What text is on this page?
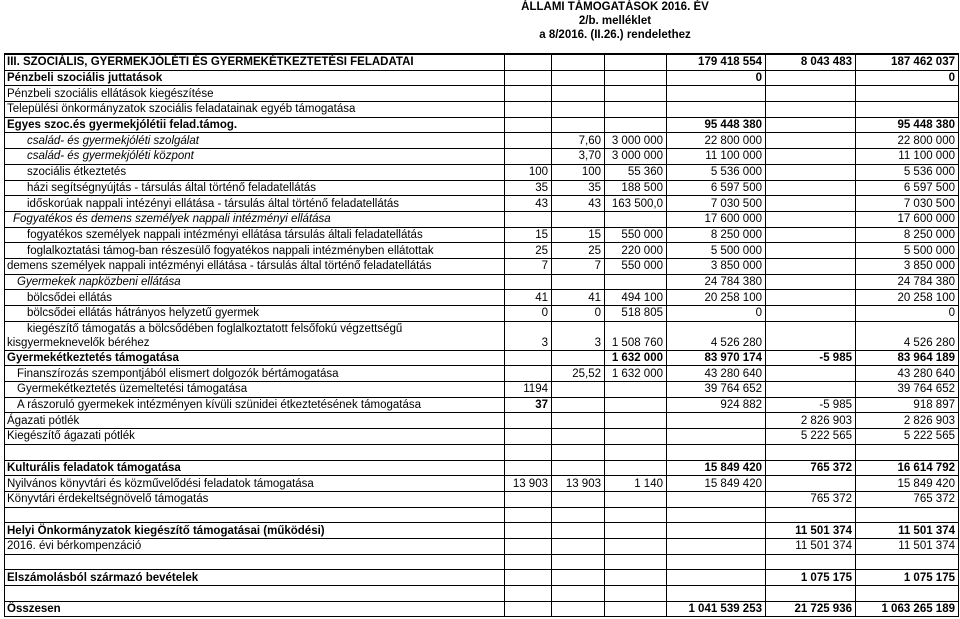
ÁLLAMI TÁMOGATÁSOK 2016. ÉV
2/b. melléklet
a 8/2016. (II.26.) rendelethez
III. SZOCIÁLIS, GYERMEKJÓLÉTI ÉS GYERMEKÉTKEZTETÉSI FELADATAI				179 418 554	8 043 483	187 462 037
Pénzbeli szociális juttatások				0		0
Pénzbeli szociális ellátások kiegészítése						
Települési önkormányzatok szociális feladatainak egyéb támogatása						
Egyes szoc.és gyermekjólétii felad.támog.				95 448 380		95 448 380
család- és gyermekjóléti szolgálat		7,60	3 000 000	22 800 000		22 800 000
család- és gyermekjóléti központ		3,70	3 000 000	11 100 000		11 100 000
szociális étkeztetés	100	100	55 360	5 536 000		5 536 000
házi segítségnyújtás - társulás által történő feladatellátás	35	35	188 500	6 597 500		6 597 500
időskorúak nappali intézényi ellátása - társulás által történő feladatellátás	43	43	163 500,0	7 030 500		7 030 500
Fogyatékos és demens személyek nappali intézményi ellátása				17 600 000		17 600 000
fogyatékos személyek nappali intézményi ellátása társulás általi feladatellátás	15	15	550 000	8 250 000		8 250 000
foglalkoztatási támog-ban részesülő fogyatékos nappali intézményben ellátottak	25	25	220 000	5 500 000		5 500 000
demens személyek nappali intézményi ellátása - társulás által történő feladatellátás	7	7	550 000	3 850 000		3 850 000
Gyermekek napközbeni ellátása				24 784 380		24 784 380
bölcsődei ellátás	41	41	494 100	20 258 100		20 258 100
bölcsődei ellátás hátrányos helyzetű gyermek	0	0	518 805	0		0

kiegészítő támogatás a bölcsődében foglalkoztatott felsőfokú végzettségű
kisgyermeknevelők béréhez	3	3	1 508 760	4 526 280		4 526 280
Gyermekétkeztetés támogatása			1 632 000	83 970 174	-5 985	83 964 189
Finanszírozás szempontjából elismert dolgozók bértámogatása		25,52	1 632 000	43 280 640		43 280 640
Gyermekétkeztetés üzemeltetési támogatása	1194			39 764 652		39 764 652
A rászoruló gyermekek intézményen kívüli szünidei étkeztetésének támogatása	37			924 882	-5 985	918 897
Ágazati pótlék					2 826 903	2 826 903
Kiegészítő ágazati pótlék					5 222 565	5 222 565

Kulturális feladatok támogatása				15 849 420	765 372	16 614 792
Nyilvános könyvtári és közművelődési feladatok támogatása	13 903	13 903	1 140	15 849 420		15 849 420
Könyvtári érdekeltségnövelő támogatás					765 372	765 372

Helyi Önkormányzatok kiegészítő támogatásai (működési)					11 501 374	11 501 374
2016. évi bérkompenzáció					11 501 374	11 501 374

Elszámolásból származó bevételek					1 075 175	1 075 175

Összesen				1 041 539 253	21 725 936	1 063 265 189
